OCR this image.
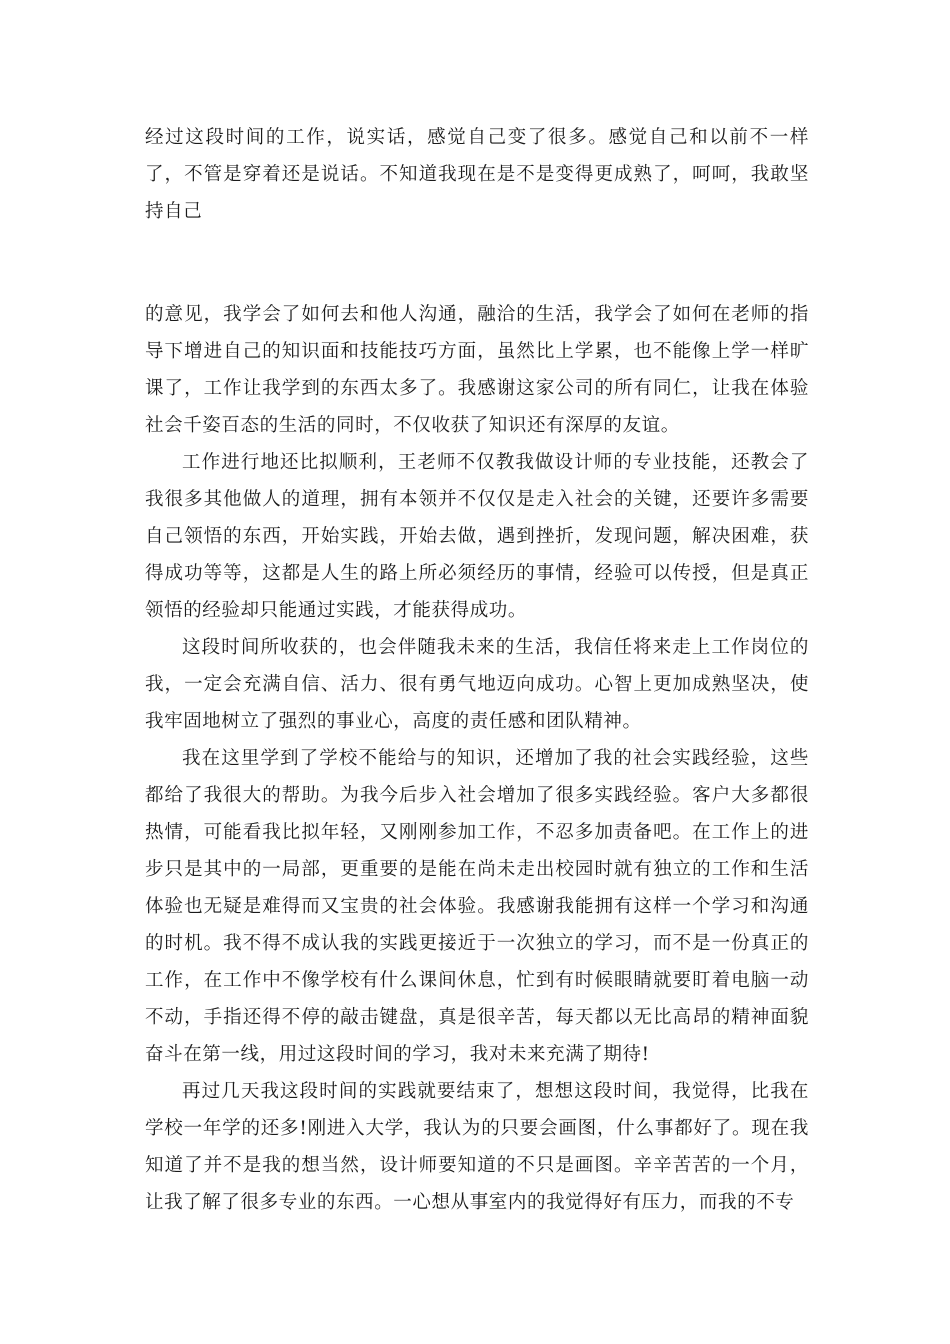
经过这段时间的工作，说实话，感觉自己变了很多。感觉自己和以前不一样了，不管是穿着还是说话。不知道我现在是不是变得更成熟了，呵呵，我敢坚持自己

的意见，我学会了如何去和他人沟通，融洽的生活，我学会了如何在老师的指导下增进自己的知识面和技能技巧方面，虽然比上学累，也不能像上学一样旷课了，工作让我学到的东西太多了。我感谢这家公司的所有同仁，让我在体验社会千姿百态的生活的同时，不仅收获了知识还有深厚的友谊。

工作进行地还比拟顺利，王老师不仅教我做设计师的专业技能，还教会了我很多其他做人的道理，拥有本领并不仅仅是走入社会的关键，还要许多需要自己领悟的东西，开始实践，开始去做，遇到挫折，发现问题，解决困难，获得成功等等，这都是人生的路上所必须经历的事情，经验可以传授，但是真正领悟的经验却只能通过实践，才能获得成功。

这段时间所收获的，也会伴随我未来的生活，我信任将来走上工作岗位的我，一定会充满自信、活力、很有勇气地迈向成功。心智上更加成熟坚决，使我牢固地树立了强烈的事业心，高度的责任感和团队精神。

我在这里学到了学校不能给与的知识，还增加了我的社会实践经验，这些都给了我很大的帮助。为我今后步入社会增加了很多实践经验。客户大多都很热情，可能看我比拟年轻，又刚刚参加工作，不忍多加责备吧。在工作上的进步只是其中的一局部，更重要的是能在尚未走出校园时就有独立的工作和生活体验也无疑是难得而又宝贵的社会体验。我感谢我能拥有这样一个学习和沟通的时机。我不得不成认我的实践更接近于一次独立的学习，而不是一份真正的工作，在工作中不像学校有什么课间休息，忙到有时候眼睛就要盯着电脑一动不动，手指还得不停的敲击键盘，真是很辛苦，每天都以无比高昂的精神面貌奋斗在第一线，用过这段时间的学习，我对未来充满了期待!

再过几天我这段时间的实践就要结束了，想想这段时间，我觉得，比我在学校一年学的还多!刚进入大学，我认为的只要会画图，什么事都好了。现在我知道了并不是我的想当然，设计师要知道的不只是画图。辛辛苦苦的一个月，让我了解了很多专业的东西。一心想从事室内的我觉得好有压力，而我的不专
